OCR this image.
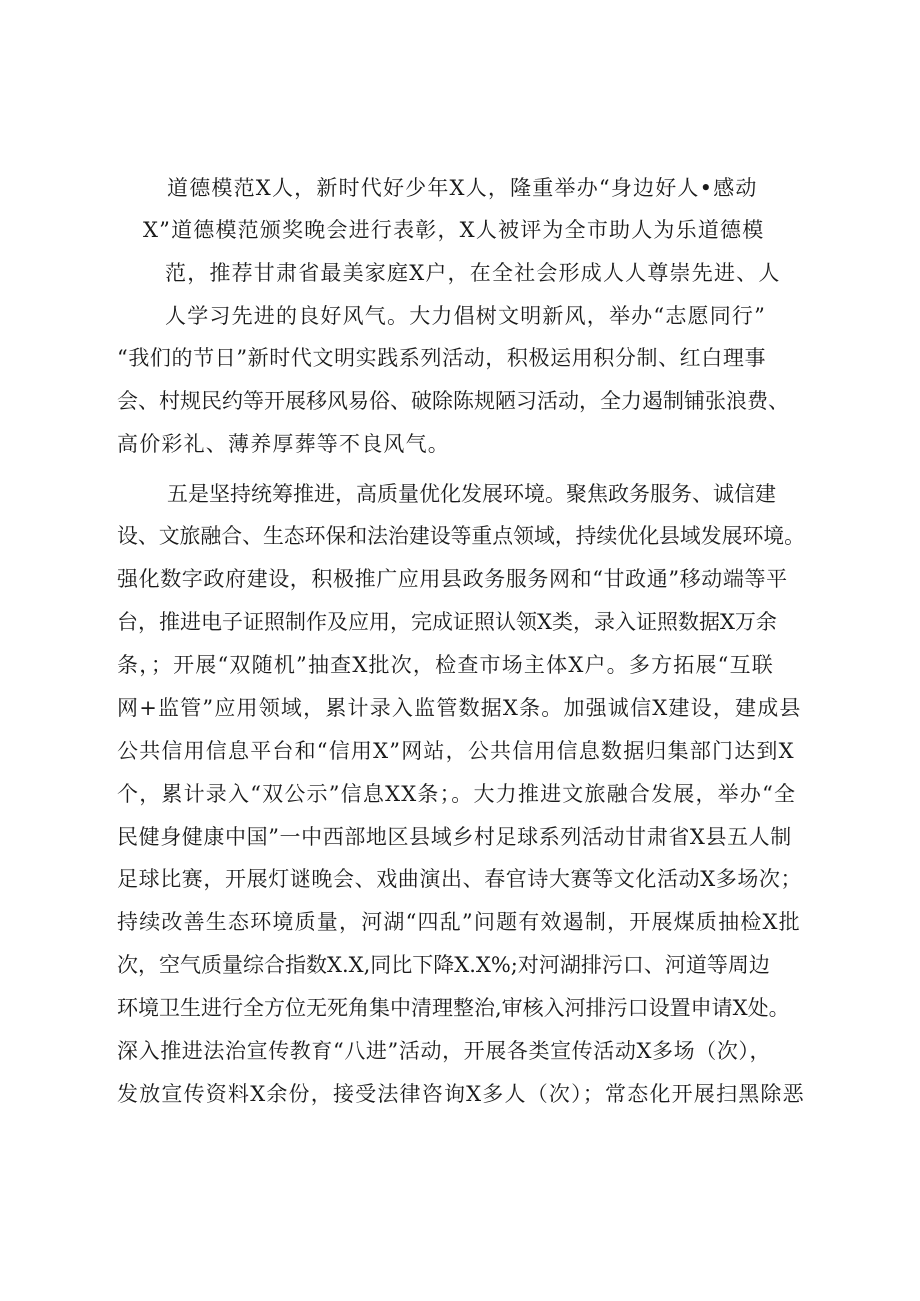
道德模范X人，新时代好少年X人，隆重举办“身边好人•感动
X”道德模范颁奖晚会进行表彰，X人被评为全市助人为乐道德模
范，推荐甘肃省最美家庭X户，在全社会形成人人尊崇先进、人
人学习先进的良好风气。大力倡树文明新风，举办“志愿同行”
“我们的节日”新时代文明实践系列活动，积极运用积分制、红白理事
会、村规民约等开展移风易俗、破除陈规陋习活动，全力遏制铺张浪费、
高价彩礼、薄养厚葬等不良风气。
五是坚持统筹推进，高质量优化发展环境。聚焦政务服务、诚信建
设、文旅融合、生态环保和法治建设等重点领域，持续优化县域发展环境。
强化数字政府建设，积极推广应用县政务服务网和“甘政通”移动端等平
台，推进电子证照制作及应用，完成证照认领X类，录入证照数据X万余
条，；开展“双随机”抽查X批次，检查市场主体X户。多方拓展“互联
网+监管”应用领域，累计录入监管数据X条。加强诚信X建设，建成县
公共信用信息平台和“信用X”网站，公共信用信息数据归集部门达到X
个，累计录入“双公示”信息XX条；。大力推进文旅融合发展，举办“全
民健身健康中国”一中西部地区县域乡村足球系列活动甘肃省X县五人制
足球比赛，开展灯谜晚会、戏曲演出、春官诗大赛等文化活动X多场次；
持续改善生态环境质量，河湖“四乱”问题有效遏制，开展煤质抽检X批
次，空气质量综合指数X.X,同比下降X.X%;对河湖排污口、河道等周边
环境卫生进行全方位无死角集中清理整治,审核入河排污口设置申请X处。
深入推进法治宣传教育“八进”活动，开展各类宣传活动X多场（次），
发放宣传资料X余份，接受法律咨询X多人（次）；常态化开展扫黑除恶
